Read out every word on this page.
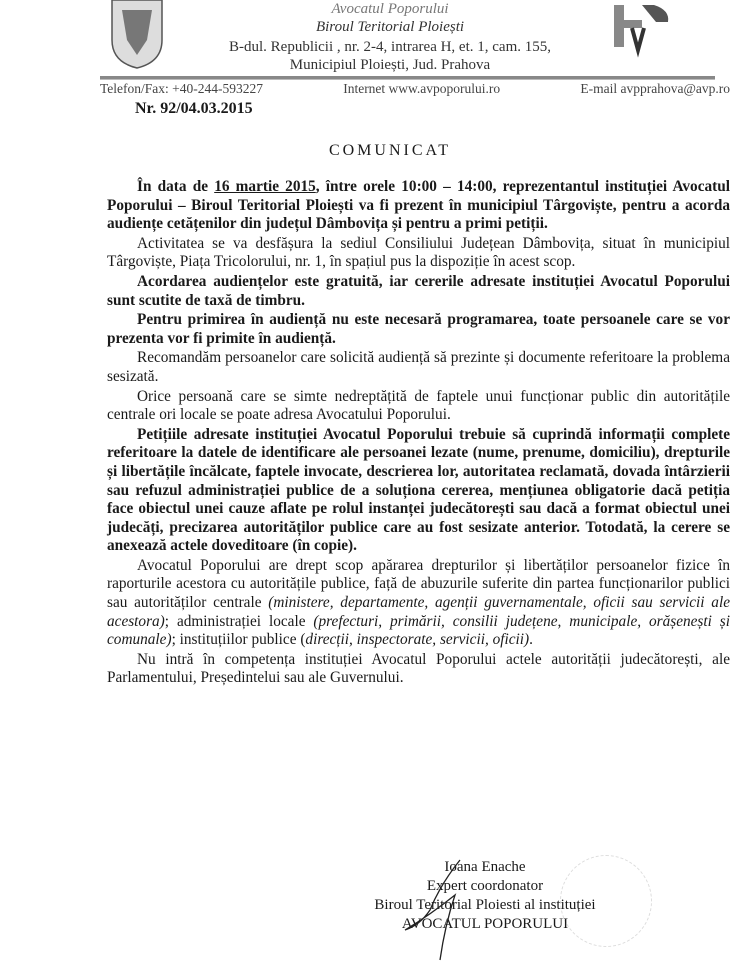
Avocatul Poporului
Biroul Teritorial Ploiești
B-dul. Republicii , nr. 2-4, intrarea H, et. 1, cam. 155,
Municipiul Ploiești, Jud. Prahova
Telefon/Fax: +40-244-593227	Internet www.avpoporului.ro	E-mail avpprahova@avp.ro
Nr. 92/04.03.2015
COMUNICAT

În data de 16 martie 2015, între orele 10:00 – 14:00, reprezentantul instituției Avocatul Poporului – Biroul Teritorial Ploiești va fi prezent în municipiul Târgoviște, pentru a acorda audiențe cetățenilor din județul Dâmbovița și pentru a primi petiții.

Activitatea se va desfășura la sediul Consiliului Județean Dâmbovița, situat în municipiul Târgoviște, Piața Tricolorului, nr. 1, în spațiul pus la dispoziție în acest scop.

Acordarea audiențelor este gratuită, iar cererile adresate instituției Avocatul Poporului sunt scutite de taxă de timbru.

Pentru primirea în audiență nu este necesară programarea, toate persoanele care se vor prezenta vor fi primite în audiență.

Recomandăm persoanelor care solicită audiență să prezinte și documente referitoare la problema sesizată.

Orice persoană care se simte nedreptățită de faptele unui funcționar public din autoritățile centrale ori locale se poate adresa Avocatului Poporului.

Petițiile adresate instituției Avocatul Poporului trebuie să cuprindă informații complete referitoare la datele de identificare ale persoanei lezate (nume, prenume, domiciliu), drepturile și libertățile încălcate, faptele invocate, descrierea lor, autoritatea reclamată, dovada întârzierii sau refuzul administrației publice de a soluționa cererea, mențiunea obligatorie dacă petiția face obiectul unei cauze aflate pe rolul instanței judecătorești sau dacă a format obiectul unei judecăți, precizarea autorităților publice care au fost sesizate anterior. Totodată, la cerere se anexează actele doveditoare (în copie).

Avocatul Poporului are drept scop apărarea drepturilor și libertăților persoanelor fizice în raporturile acestora cu autoritățile publice, față de abuzurile suferite din partea funcționarilor publici sau autorităților centrale (ministere, departamente, agenții guvernamentale, oficii sau servicii ale acestora); administrației locale (prefecturi, primării, consilii județene, municipale, orășenești și comunale); instituțiilor publice (direcții, inspectorate, servicii, oficii).

Nu intră în competența instituției Avocatul Poporului actele autorității judecătorești, ale Parlamentului, Președintelui sau ale Guvernului.

Ioana Enache
Expert coordonator
Biroul Teritorial Ploiesti al instituției
AVOCATUL POPORULUI
